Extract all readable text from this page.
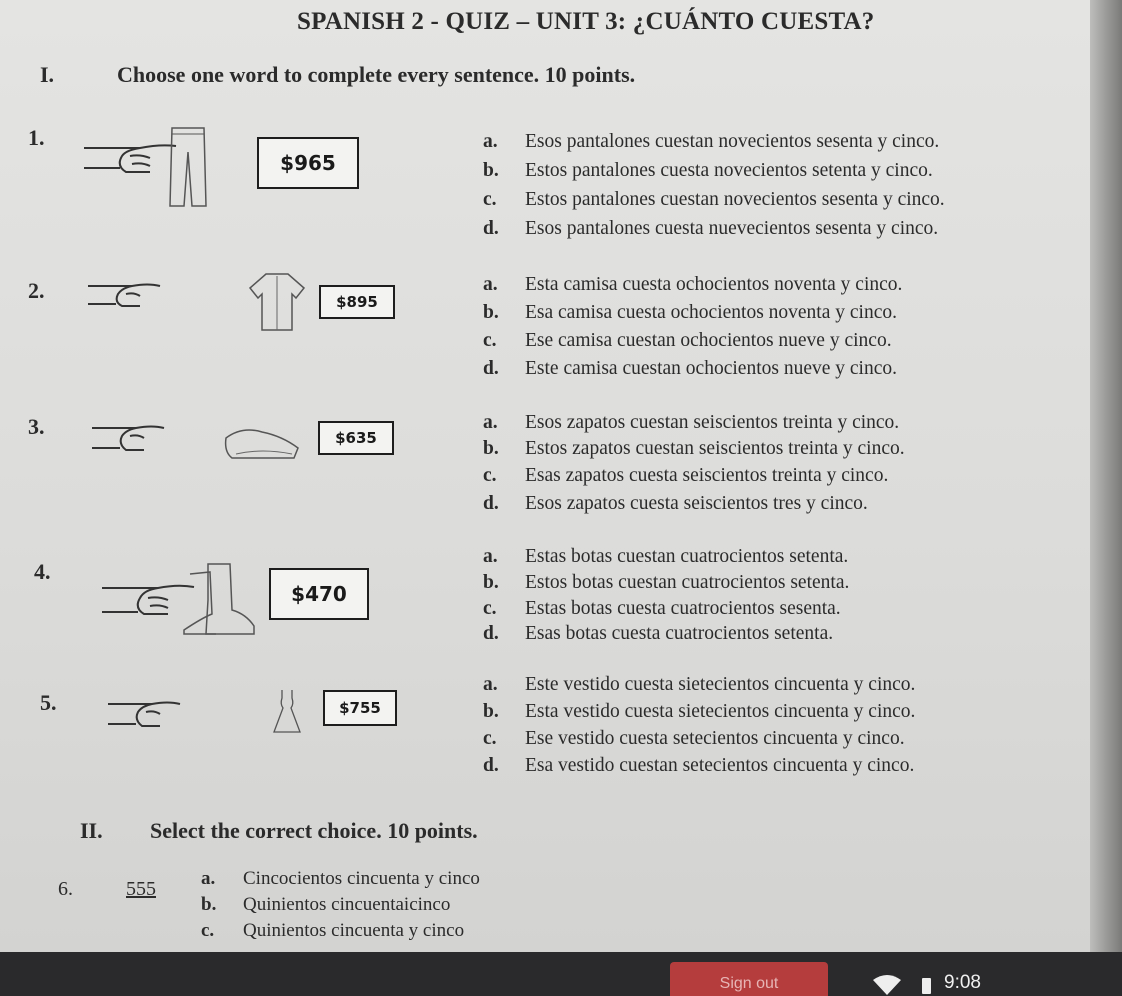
SPANISH 2 - QUIZ – UNIT 3: ¿CUÁNTO CUESTA?
I.	Choose one word to complete every sentence. 10 points.
1.
$965
a. Esos pantalones cuestan novecientos sesenta y cinco.
b. Estos pantalones cuesta novecientos setenta y cinco.
c. Estos pantalones cuestan novecientos sesenta y cinco.
d. Esos pantalones cuesta nuevecientos sesenta y cinco.
2.	$895
a. Esta camisa cuesta ochocientos noventa y cinco.
b. Esa camisa cuesta ochocientos noventa y cinco.
c. Ese camisa cuestan ochocientos nueve y cinco.
d. Este camisa cuestan ochocientos nueve y cinco.
3.	$635
a. Esos zapatos cuestan seiscientos treinta y cinco.
b. Estos zapatos cuestan seiscientos treinta y cinco.
c. Esas zapatos cuesta seiscientos treinta y cinco.
d. Esos zapatos cuesta seiscientos tres y cinco.
4.
$470
a. Estas botas cuestan cuatrocientos setenta.
b. Estos botas cuestan cuatrocientos setenta.
c. Estas botas cuesta cuatrocientos sesenta.
d. Esas botas cuesta cuatrocientos setenta.
5.	$755
a. Este vestido cuesta sietecientos cincuenta y cinco.
b. Esta vestido cuesta sietecientos cincuenta y cinco.
c. Ese vestido cuesta setecientos cincuenta y cinco.
d. Esa vestido cuestan setecientos cincuenta y cinco.
II. Select the correct choice. 10 points.
6.	555 a. Cincocientos cincuenta y cinco
b. Quinientos cincuentaicinco
c. Quinientos cincuenta y cinco
Sign out	9:08
